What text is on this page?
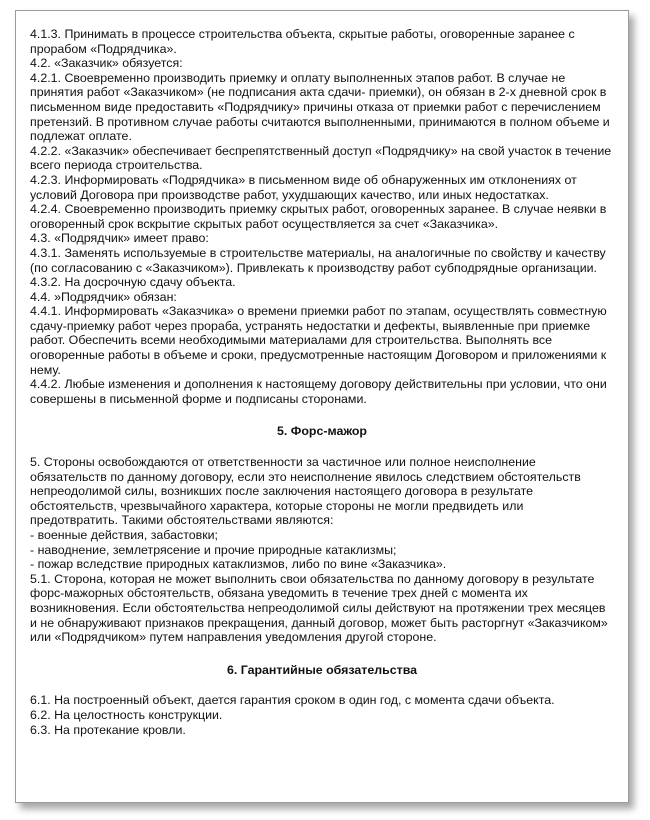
4.1.3. Принимать в процессе строительства объекта, скрытые работы, оговоренные заранее с прорабом «Подрядчика».

4.2. «Заказчик» обязуется:

4.2.1. Своевременно производить приемку и оплату выполненных этапов работ. В случае не принятия работ «Заказчиком» (не подписания акта сдачи- приемки), он обязан в 2-х дневной срок в письменном виде предоставить «Подрядчику» причины отказа от приемки работ с перечислением претензий. В противном случае работы считаются выполненными, принимаются в полном объеме и подлежат оплате.

4.2.2. «Заказчик» обеспечивает беспрепятственный доступ «Подрядчику» на свой участок в течение всего периода строительства.

4.2.3. Информировать «Подрядчика» в письменном виде об обнаруженных им отклонениях от условий Договора при производстве работ, ухудшающих качество, или иных недостатках.

4.2.4. Своевременно производить приемку скрытых работ, оговоренных заранее. В случае неявки в оговоренный срок вскрытие скрытых работ осуществляется за счет «Заказчика».

4.3. «Подрядчик» имеет право:

4.3.1. Заменять используемые в строительстве материалы, на аналогичные по свойству и качеству (по согласованию с «Заказчиком»). Привлекать к производству работ субподрядные организации.

4.3.2. На досрочную сдачу объекта.

4.4. »Подрядчик» обязан:

4.4.1. Информировать «Заказчика» о времени приемки работ по этапам, осуществлять совместную сдачу-приемку работ через прораба, устранять недостатки и дефекты, выявленные при приемке работ. Обеспечить всеми необходимыми материалами для строительства. Выполнять все оговоренные работы в объеме и сроки, предусмотренные настоящим Договором и приложениями к нему.

4.4.2. Любые изменения и дополнения к настоящему договору действительны при условии, что они совершены в письменной форме и подписаны сторонами.

5. Форс-мажор

5. Стороны освобождаются от ответственности за частичное или полное неисполнение обязательств по данному договору, если это неисполнение явилось следствием обстоятельств непреодолимой силы, возникших после заключения настоящего договора в результате обстоятельств, чрезвычайного характера, которые стороны не могли предвидеть или предотвратить. Такими обстоятельствами являются:

- военные действия, забастовки;

- наводнение, землетрясение и прочие природные катаклизмы;

- пожар вследствие природных катаклизмов, либо по вине «Заказчика».

5.1. Сторона, которая не может выполнить свои обязательства по данному договору в результате форс-мажорных обстоятельств, обязана уведомить в течение трех дней с момента их возникновения. Если обстоятельства непреодолимой силы действуют на протяжении трех месяцев и не обнаруживают признаков прекращения, данный договор, может быть расторгнут «Заказчиком» или «Подрядчиком» путем направления уведомления другой стороне.

6. Гарантийные обязательства

6.1. На построенный объект, дается гарантия сроком в один год, с момента сдачи объекта.

6.2. На целостность конструкции.

6.3. На протекание кровли.
